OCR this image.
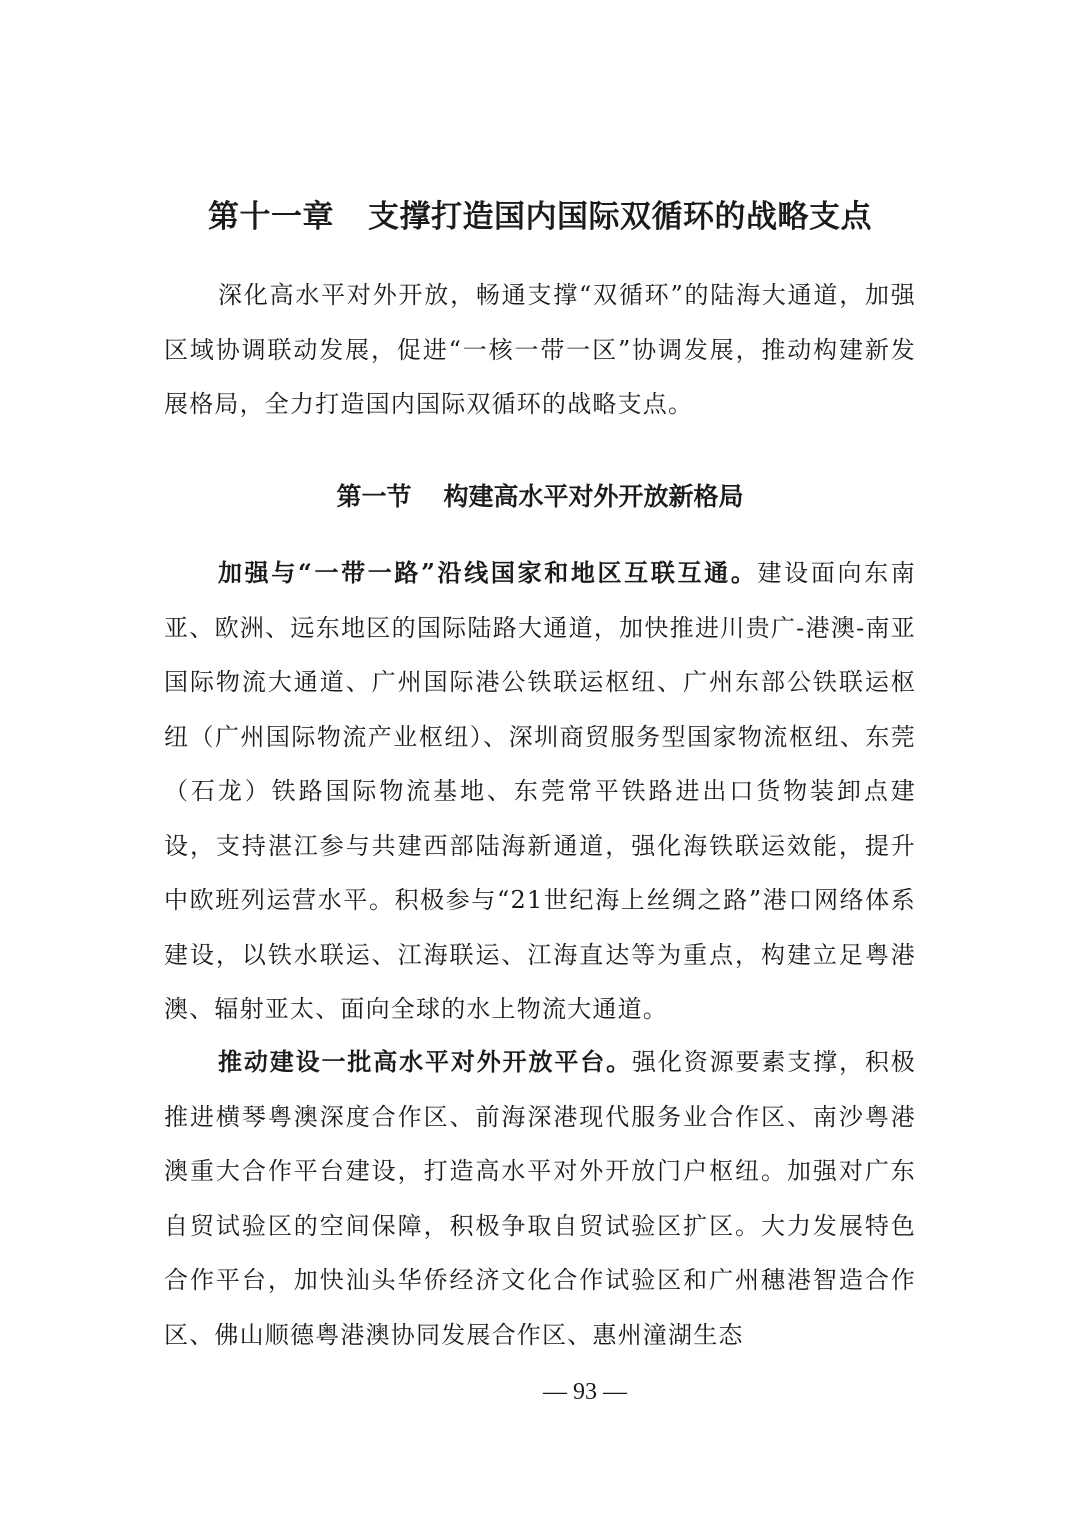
第十一章 支撑打造国内国际双循环的战略支点

深化高水平对外开放，畅通支撑“双循环”的陆海大通道，加强区域协调联动发展，促进“一核一带一区”协调发展，推动构建新发展格局，全力打造国内国际双循环的战略支点。

第一节 构建高水平对外开放新格局

加强与“一带一路”沿线国家和地区互联互通。建设面向东南亚、欧洲、远东地区的国际陆路大通道，加快推进川贵广-港澳-南亚国际物流大通道、广州国际港公铁联运枢纽、广州东部公铁联运枢纽（广州国际物流产业枢纽）、深圳商贸服务型国家物流枢纽、东莞（石龙）铁路国际物流基地、东莞常平铁路进出口货物装卸点建设，支持湛江参与共建西部陆海新通道，强化海铁联运效能，提升中欧班列运营水平。积极参与“21世纪海上丝绸之路”港口网络体系建设，以铁水联运、江海联运、江海直达等为重点，构建立足粤港澳、辐射亚太、面向全球的水上物流大通道。

推动建设一批高水平对外开放平台。强化资源要素支撑，积极推进横琴粤澳深度合作区、前海深港现代服务业合作区、南沙粤港澳重大合作平台建设，打造高水平对外开放门户枢纽。加强对广东自贸试验区的空间保障，积极争取自贸试验区扩区。大力发展特色合作平台，加快汕头华侨经济文化合作试验区和广州穗港智造合作区、佛山顺德粤港澳协同发展合作区、惠州潼湖生态

— 93 —
